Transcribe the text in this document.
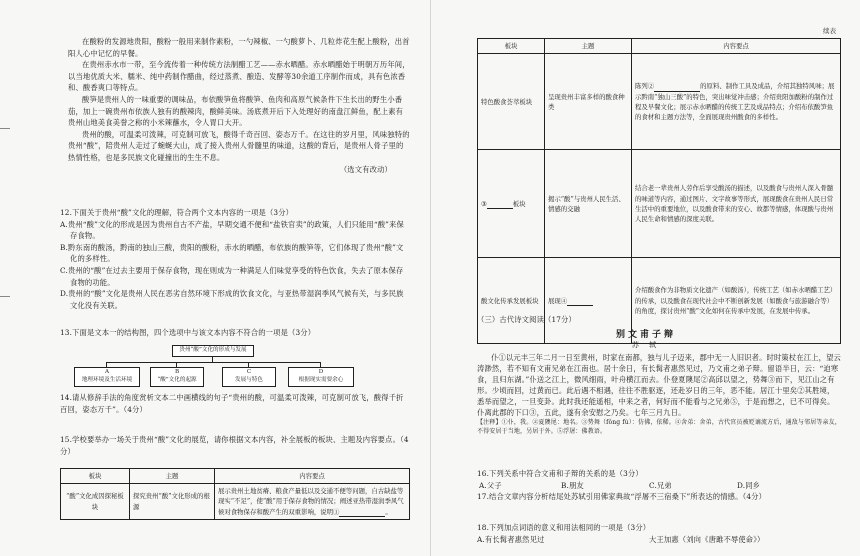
在酸粉的发源地贵阳，酸粉一般用来制作素粉，一勺辣椒、一勺酸萝卜、几粒炸花生配上酸粉，出首阳人心中记忆的早餐。

在贵州赤水市一带，至今流传着一种传统方法制醋工艺——赤水晒醋。赤水晒醋始于明朝万历年间，以当地优质大米、糯米、纯中药制作醋曲，经过蒸煮、酿造、发酵等30余道工序制作而成，具有色浓香和、酸香爽口等特点。

酸笋是贵州人的一味重要的调味品，布依酸笋鱼将酸笋、鱼肉和高原气候条件下生长出的野生小番茄，加上一碗贵州布依族人独有的酸辣肉，酸鲜美味。汤底煮开后下入处理好的南盘江鲜鱼，配上素有贵州山地美食美誉之称的小米辣蘸水，令人胃口大开。

贵州的酸，可温柔可泼辣，可克制可放飞，酸得千奇百回、姿态万千。在这往的岁月里，风味独特的贵州“酸”，陪贵州人走过了蜿蜒大山，成了接入贵州人骨髓里的味道，这酸的背后，是贵州人骨子里的热情性格，也是多民族文化碰撞出的生生不息。

（选文有改动）

12.下面关于贵州“酸”文化的理解，符合两个文本内容的一项是（3分）

A.贵州“酸”文化的形成是因为贵州自古不产盐，早期交通不便和“盐铁官卖”的政策，人们只能用“酸”来保存食物。

B.黔东南的酸汤，黔南的独山三酸，贵阳的酸粉，赤水的晒醋，布依族的酸笋等，它们体现了贵州“酸”文化的多样性。

C.贵州的“酸”在过去主要用于保存食物，现在则成为一种满足人们味觉享受的特色饮食，失去了原本保存食物的功能。

D.贵州的“酸”文化是贵州人民在恶劣自然环境下形成的饮食文化，与亚热带湿润季风气候有关，与多民族文化没有关联。

13.下面是文本一的结构图，四个选项中与该文本内容不符合的一项是（3分）

贵州“酸”文化的形成与发展
A
地理环境及生活环境
B
“酸”文化的起源
C
发展与特色
D
根据现实需要余心

14.请从修辞手法的角度赏析文本二中画横线的句子“贵州的酸，可温柔可泼辣，可克制可放飞，酸得千折百回，姿态万千”。（4分）

15.学校要举办一场关于贵州“酸”文化的展览，请你根据文本内容，补全展板的板块、主题及内容要点。（4分）

板块	主题	内容要点
“酸”文化成因探秘板块	探究贵州“酸”文化形成的根源	展示贵州土地贫瘠、粮食产量低以及交通不便等问题，自古缺盐等现实“不足”，使“酸”用于保存食物的情况；阐述亚热带湿润季风气候对食物保存和酸产生的双重影响，说明① 。
续表
板块	主题	内容要点
特色酸食荟萃板块	呈现贵州丰富多样的酸食种类	陈列② 的原料、制作工具及成品，介绍其独特风味；展示黔南“独山三酸”的特色，突出味觉冲击感；介绍贵阳加酸粉的制作过程及早餐文化；展示赤水晒醋的传统工艺及成品特点；介绍布依酸笋鱼的食材和主题方法等，全面展现贵州酸食的多样性。
③ 板块	揭示“酸”与贵州人民生活、情感的交融	结合老一辈贵州人劳作后享受酸汤的描述，以及酸食与贵州人深入骨髓的味道等内容，通过图片、文字故事等形式，展现酸食在贵州人民日常生活中的重要地位，以及酸食带来的安心、故都等情感，体现酸与贵州人民生命和情感的深度关联。
酸文化传承发展板块	展现④	介绍酸食作为非物质文化遗产（如酸汤），传统工艺（如赤水晒醋工艺）的传承，以及酸食在现代社会中不断创新发展（如酸食与旅游融合等）的角度，探讨贵州“酸”文化如何在传承中发展，在发展中传承。
（三）古代诗文阅读（17分）
别文甫子辩
苏 轼

仆①以元丰三年二月一日至黄州，时家在南都，独与儿子迈来，郡中无一人旧识者。时时策杖在江上，望云涛渺然，若不知有文甫兄弟在江南也。居十余日，有长髯者惠然见过，乃文甫之弟子辩。留语半日，云：“迫寒食，且归东湖。”仆送之江上，微风细雨，叶舟横江而去。仆登夏隩尾②高邱以望之，势舞③而下，见江山之有形。少顷而回，过黄而已。此后遇不相遇，往往不胜驱逐，还赴岁日的三年，恶不能。居江十里矣②其胜境，悉举而望之，一旦变卦。此时我还能遥相，中来之者，何好而不能看与之兄弟⑤，于是而想之，已不可得矣。仆离此郡的下口③，五此，遂有余安慰之乃矣。七年三月九日。

【注释】①仆，我。②夏隩尾：地名。③势舞（fǒng fù）：仿佛，依稀。④舍弟：舍弟，古代官员被贬谪流方后，通敌与邻居等亲友，不得安居于当地，另居于外。⑤浮屠：佛教语。

16.下列关系中符合文甫和子辩的关系的是（3分）

A.父子	B.朋友	C.兄弟	D.同乡

17.结合文章内容分析结尾处苏轼引用佛家典故“浮屠不三宿桑下”所表达的情感。（4分）

18.下列加点词语的意义和用法相同的一项是（3分）

A.有长髯者惠然见过	大王加惠（刘向《唐雎不辱使命》）
